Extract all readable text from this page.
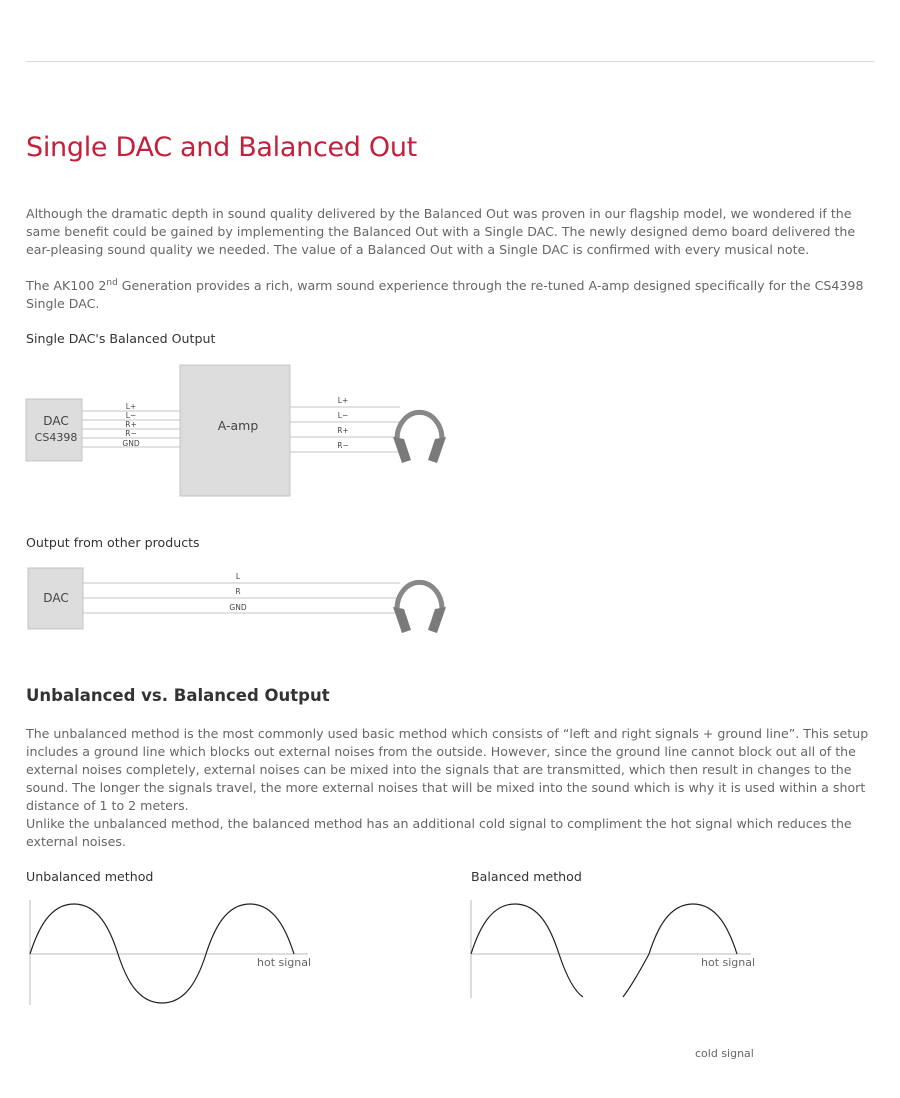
Single DAC and Balanced Out

Although the dramatic depth in sound quality delivered by the Balanced Out was proven in our flagship model, we wondered if the same benefit could be gained by implementing the Balanced Out with a Single DAC. The newly designed demo board delivered the ear-pleasing sound quality we needed. The value of a Balanced Out with a Single DAC is confirmed with every musical note.

The AK100 2nd Generation provides a rich, warm sound experience through the re-tuned A-amp designed specifically for the CS4398 Single DAC.

Single DAC's Balanced Output
DAC
CS4398
L+
L−
R+
R−
GND
A-amp
L+
L−
R+
R−
Output from other products
DAC
L
R
GND
Unbalanced vs. Balanced Output

The unbalanced method is the most commonly used basic method which consists of “left and right signals + ground line”. This setup includes a ground line which blocks out external noises from the outside. However, since the ground line cannot block out all of the external noises completely, external noises can be mixed into the signals that are transmitted, which then result in changes to the sound. The longer the signals travel, the more external noises that will be mixed into the sound which is why it is used within a short distance of 1 to 2 meters.

Unlike the unbalanced method, the balanced method has an additional cold signal to compliment the hot signal which reduces the external noises.

Unbalanced method	Balanced method
hot signal	hot signal
cold signal
